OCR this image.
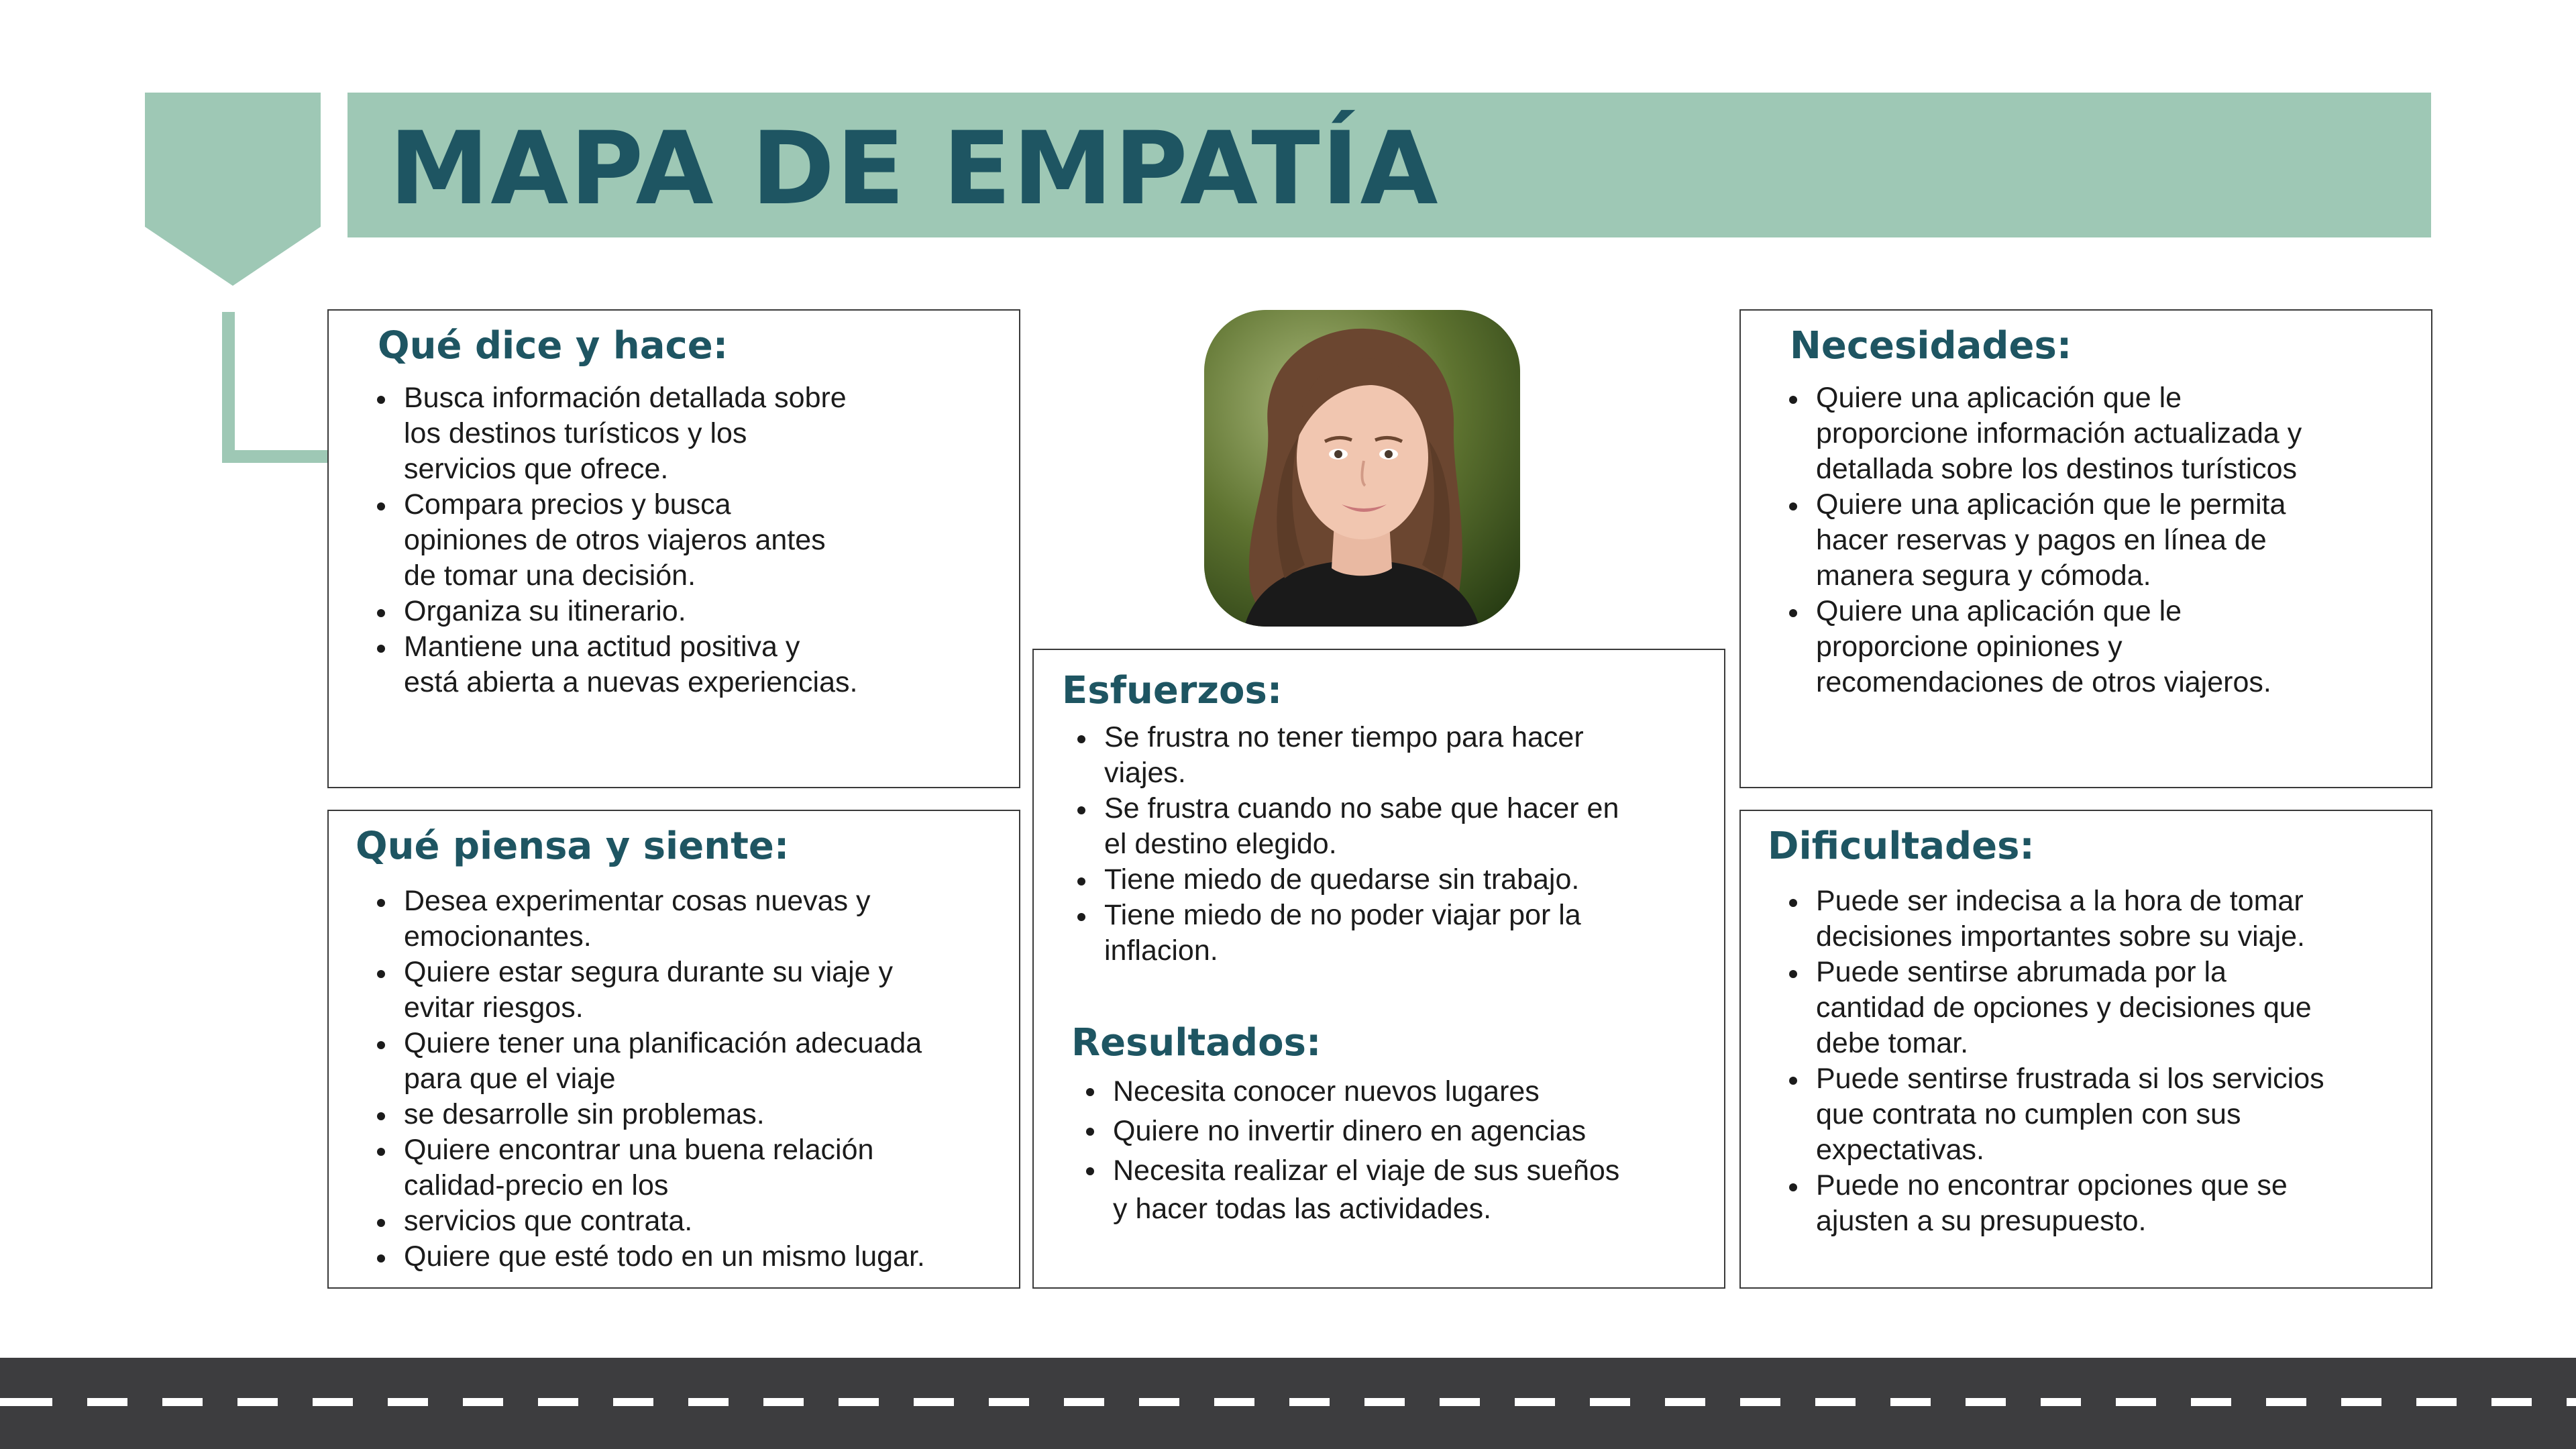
MAPA DE EMPATÍA
Qué dice y hace:
Busca información detallada sobre
los destinos turísticos y los
servicios que ofrece.
Compara precios y busca
opiniones de otros viajeros antes
de tomar una decisión.
Organiza su itinerario.
Mantiene una actitud positiva y
está abierta a nuevas experiencias.
Qué piensa y siente:
Desea experimentar cosas nuevas y
emocionantes.
Quiere estar segura durante su viaje y
evitar riesgos.
Quiere tener una planificación adecuada
para que el viaje
se desarrolle sin problemas.
Quiere encontrar una buena relación
calidad-precio en los
servicios que contrata.
Quiere que esté todo en un mismo lugar.
Esfuerzos:
Se frustra no tener tiempo para hacer
viajes.
Se frustra cuando no sabe que hacer en
el destino elegido.
Tiene miedo de quedarse sin trabajo.
Tiene miedo de no poder viajar por la
inflacion.
Resultados:
Necesita conocer nuevos lugares
Quiere no invertir dinero en agencias
Necesita realizar el viaje de sus sueños
y hacer todas las actividades.
Necesidades:
Quiere una aplicación que le
proporcione información actualizada y
detallada sobre los destinos turísticos
Quiere una aplicación que le permita
hacer reservas y pagos en línea de
manera segura y cómoda.
Quiere una aplicación que le
proporcione opiniones y
recomendaciones de otros viajeros.
Dificultades:
Puede ser indecisa a la hora de tomar
decisiones importantes sobre su viaje.
Puede sentirse abrumada por la
cantidad de opciones y decisiones que
debe tomar.
Puede sentirse frustrada si los servicios
que contrata no cumplen con sus
expectativas.
Puede no encontrar opciones que se
ajusten a su presupuesto.
